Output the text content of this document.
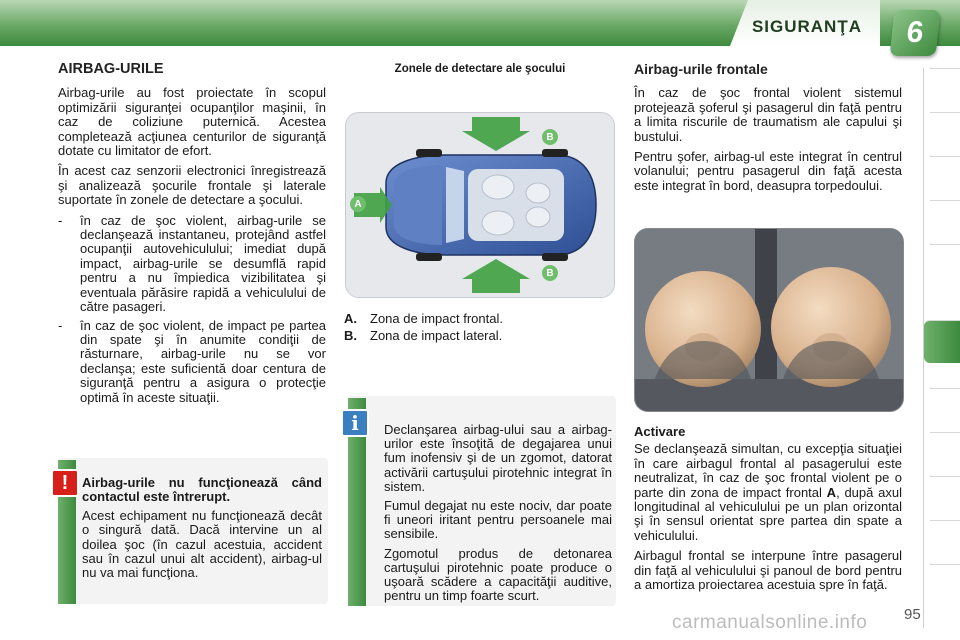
SIGURANŢA	6
AIRBAG-URILE

Airbag-urile au fost proiectate în scopul optimizării siguranţei ocupanţilor maşinii, în caz de coliziune puternică. Acestea completează acţiunea centurilor de siguranţă dotate cu limitator de efort.

În acest caz senzorii electronici înregistrează şi analizează şocurile frontale şi laterale suportate în zonele de detectare a şocului.

-	în caz de şoc violent, airbag-urile se declanşează instantaneu, protejând astfel ocupanţii autovehiculului; imediat după impact, airbag-urile se desumflă rapid pentru a nu împiedica vizibilitatea şi eventuala părăsire rapidă a vehiculului de către pasageri.
-	în caz de şoc violent, de impact pe partea din spate şi în anumite condiţii de răsturnare, airbag-urile nu se vor declanşa; este suficientă doar centura de siguranţă pentru a asigura o protecţie optimă în aceste situaţii.
!	Airbag-urile nu funcţionează când contactul este întrerupt.

Acest echipament nu funcţionează decât o singură dată. Dacă intervine un al doilea şoc (în cazul acestuia, accident sau în cazul unui alt accident), airbag-ul nu va mai funcţiona.

Zonele de detectare ale şocului
A
B
B
A.	Zona de impact frontal.
B.	Zona de impact lateral.
i	Declanşarea airbag-ului sau a airbag-urilor este însoţită de degajarea unui fum inofensiv şi de un zgomot, datorat activării cartuşului pirotehnic integrat în sistem.

Fumul degajat nu este nociv, dar poate fi uneori iritant pentru persoanele mai sensibile.

Zgomotul produs de detonarea cartuşului pirotehnic poate produce o uşoară scădere a capacităţii auditive, pentru un timp foarte scurt.

Airbag-urile frontale

În caz de şoc frontal violent sistemul protejează şoferul şi pasagerul din faţă pentru a limita riscurile de traumatism ale capului şi bustului.

Pentru şofer, airbag-ul este integrat în centrul volanului; pentru pasagerul din faţă acesta este integrat în bord, deasupra torpedoului.

Activare

Se declanşează simultan, cu excepţia situaţiei în care airbagul frontal al pasagerului este neutralizat, în caz de şoc frontal violent pe o parte din zona de impact frontal A, după axul longitudinal al vehiculului pe un plan orizontal şi în sensul orientat spre partea din spate a vehiculului.

Airbagul frontal se interpune între pasagerul din faţă al vehiculului şi panoul de bord pentru a amortiza proiectarea acestuia spre în faţă.

95
carmanualsonline.info
